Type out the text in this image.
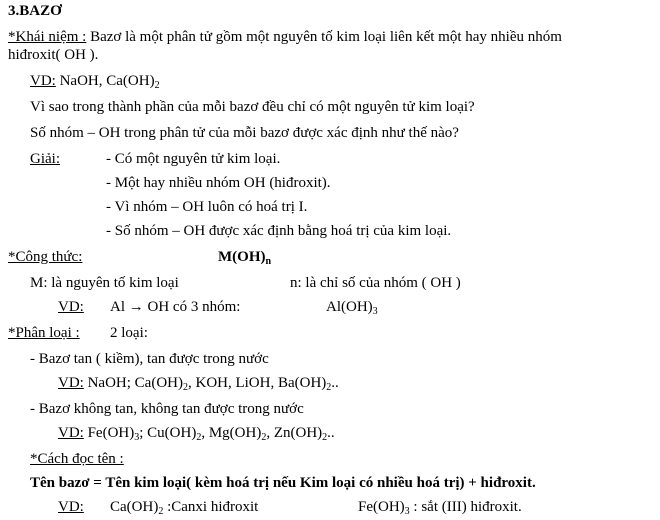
3.BAZƠ
*Khái niệm : Bazơ là một phân tử gồm một nguyên tố kim loại liên kết một hay nhiều nhóm
hiđroxit( OH ).
VD: NaOH, $Ca(OH)_2$
Vì sao trong thành phần của mỗi bazơ đều chỉ có một nguyên tử kim loại?
Số nhóm – OH trong phân tử của mỗi bazơ được xác định như thế nào?
Giải:	- Có một nguyên tử kim loại.
- Một hay nhiều nhóm OH (hiđroxit).
- Vì nhóm – OH luôn có hoá trị I.
- Số nhóm – OH được xác định bằng hoá trị của kim loại.
*Công thức:	$M(OH)_n$
M: là nguyên tố kim loại	n: là chỉ số của nhóm ( OH )
VD: Al → OH có 3 nhóm:	$Al(OH)_3$
*Phân loại : 2 loại:
- Bazơ tan ( kiềm), tan được trong nước
VD: NaOH; $Ca(OH)_2$, KOH, LiOH, $Ba(OH)_2$..
- Bazơ không tan, không tan được trong nước
VD: $Fe(OH)_3$; $Cu(OH)_2$, $Mg(OH)_2$, $Zn(OH)_2$..
*Cách đọc tên :
Tên bazơ = Tên kim loại( kèm hoá trị nếu Kim loại có nhiều hoá trị) + hiđroxit.
VD: $Ca(OH)_2$ :Canxi hiđroxit	$Fe(OH)_3$ : sắt (III) hiđroxit.
